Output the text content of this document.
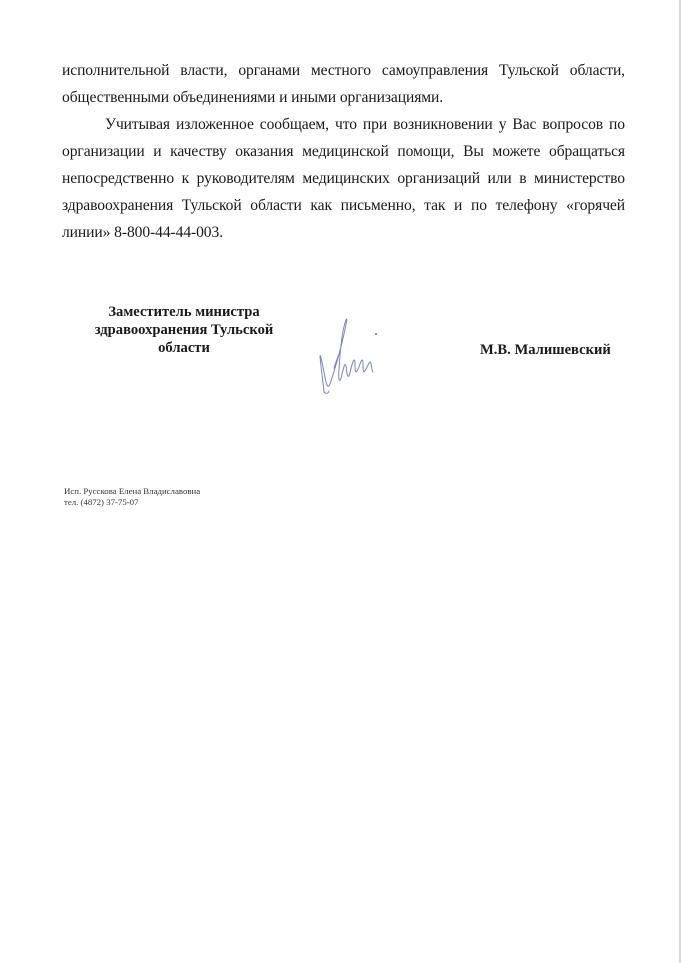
исполнительной власти, органами местного самоуправления Тульской области, общественными объединениями и иными организациями.
Учитывая изложенное сообщаем, что при возникновении у Вас вопросов по организации и качеству оказания медицинской помощи, Вы можете обращаться непосредственно к руководителям медицинских организаций или в министерство здравоохранения Тульской области как письменно, так и по телефону «горячей линии» 8-800-44-44-003.
Заместитель министра
здравоохранения Тульской
области	М.В. Малишевский
Исп. Русскова Елена Владиславовна
тел. (4872) 37-75-07
